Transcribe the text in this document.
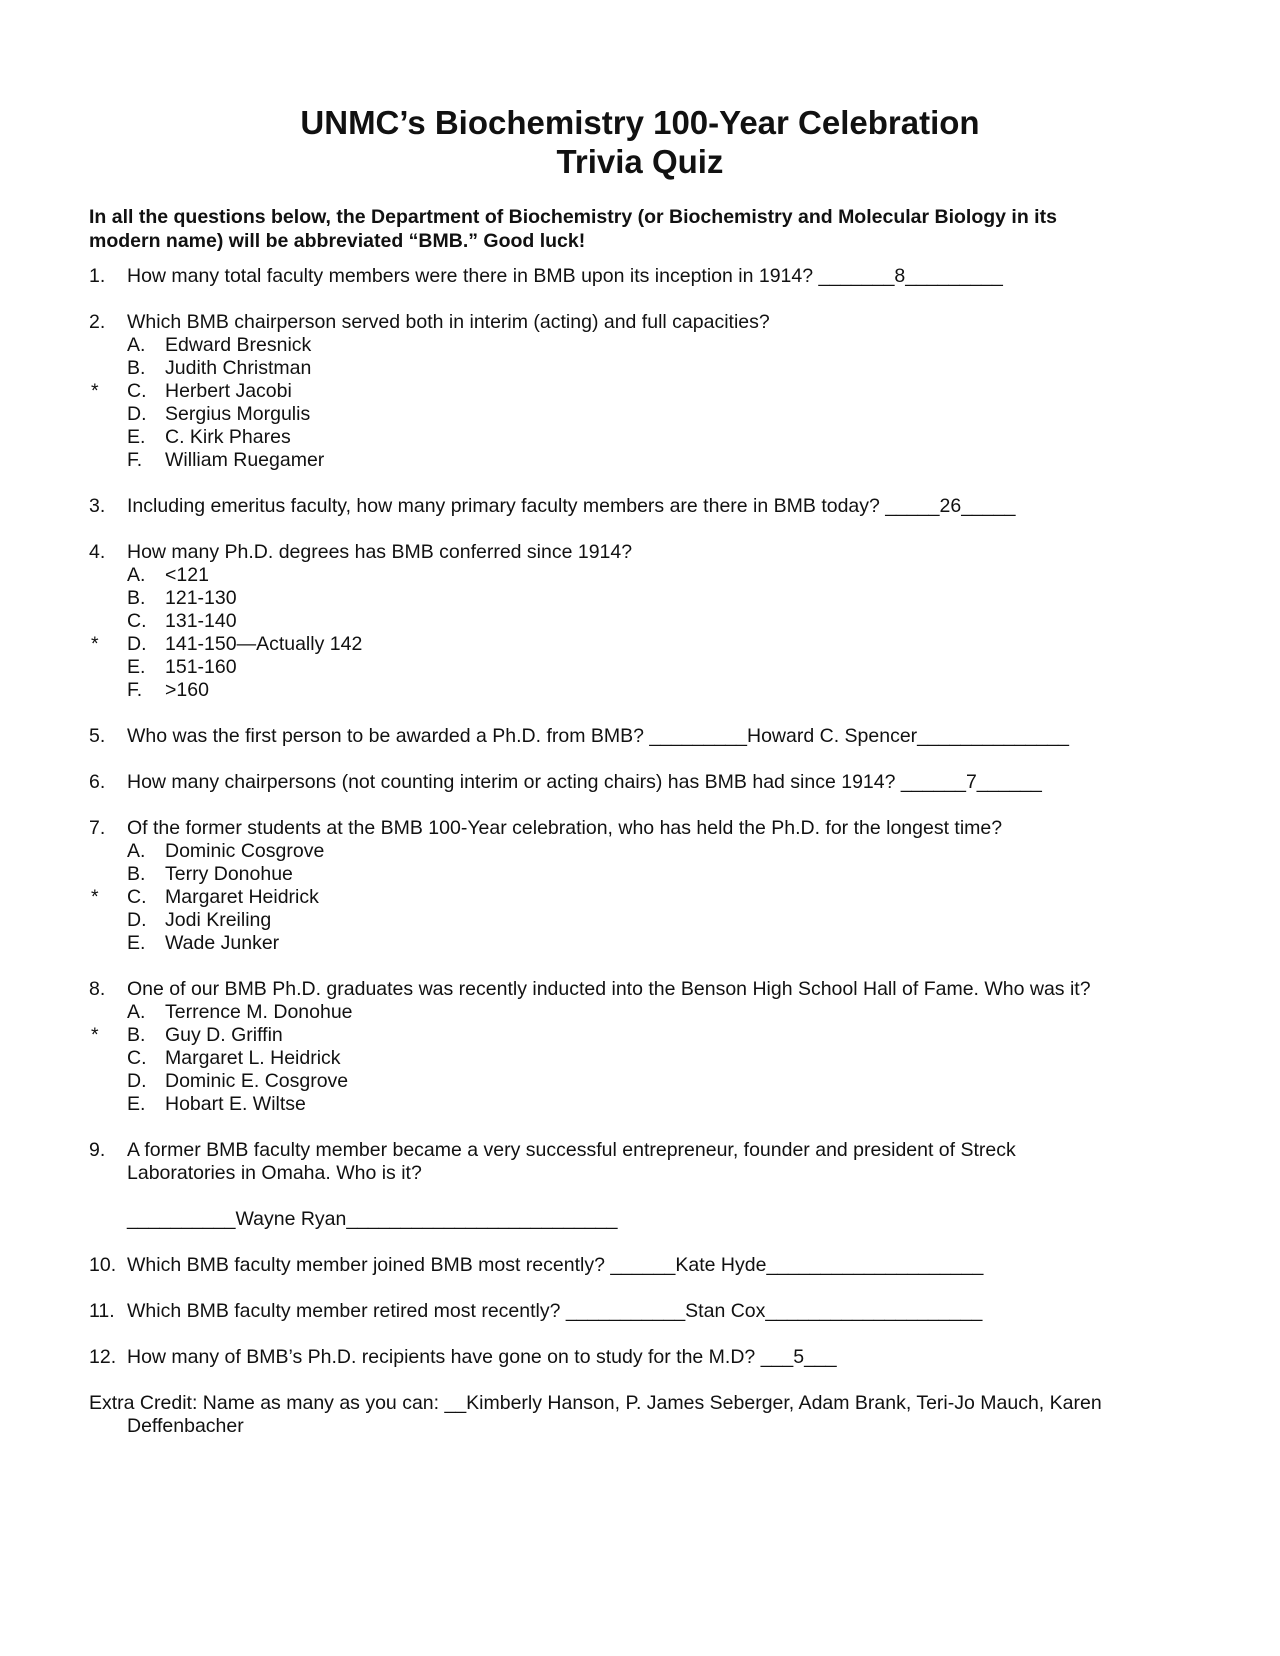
UNMC’s Biochemistry 100-Year Celebration
Trivia Quiz
In all the questions below, the Department of Biochemistry (or Biochemistry and Molecular Biology in its
modern name) will be abbreviated “BMB.” Good luck!
1. How many total faculty members were there in BMB upon its inception in 1914? _______8_________
2. Which BMB chairperson served both in interim (acting) and full capacities?
A. Edward Bresnick
B. Judith Christman
* C. Herbert Jacobi
D. Sergius Morgulis
E. C. Kirk Phares
F. William Ruegamer
3. Including emeritus faculty, how many primary faculty members are there in BMB today? _____26_____
4. How many Ph.D. degrees has BMB conferred since 1914?
A. <121
B. 121-130
C. 131-140
* D. 141-150—Actually 142
E. 151-160
F. >160
5. Who was the first person to be awarded a Ph.D. from BMB? _________Howard C. Spencer______________
6. How many chairpersons (not counting interim or acting chairs) has BMB had since 1914? ______7______
7. Of the former students at the BMB 100-Year celebration, who has held the Ph.D. for the longest time?
A. Dominic Cosgrove
B. Terry Donohue
* C. Margaret Heidrick
D. Jodi Kreiling
E. Wade Junker
8. One of our BMB Ph.D. graduates was recently inducted into the Benson High School Hall of Fame. Who was it?
A. Terrence M. Donohue
* B. Guy D. Griffin
C. Margaret L. Heidrick
D. Dominic E. Cosgrove
E. Hobart E. Wiltse
9. A former BMB faculty member became a very successful entrepreneur, founder and president of Streck
Laboratories in Omaha. Who is it?
__________Wayne Ryan_________________________
10. Which BMB faculty member joined BMB most recently? ______Kate Hyde____________________
11. Which BMB faculty member retired most recently? ___________Stan Cox____________________
12. How many of BMB’s Ph.D. recipients have gone on to study for the M.D? ___5___
Extra Credit: Name as many as you can: __Kimberly Hanson, P. James Seberger, Adam Brank, Teri-Jo Mauch, Karen
Deffenbacher
